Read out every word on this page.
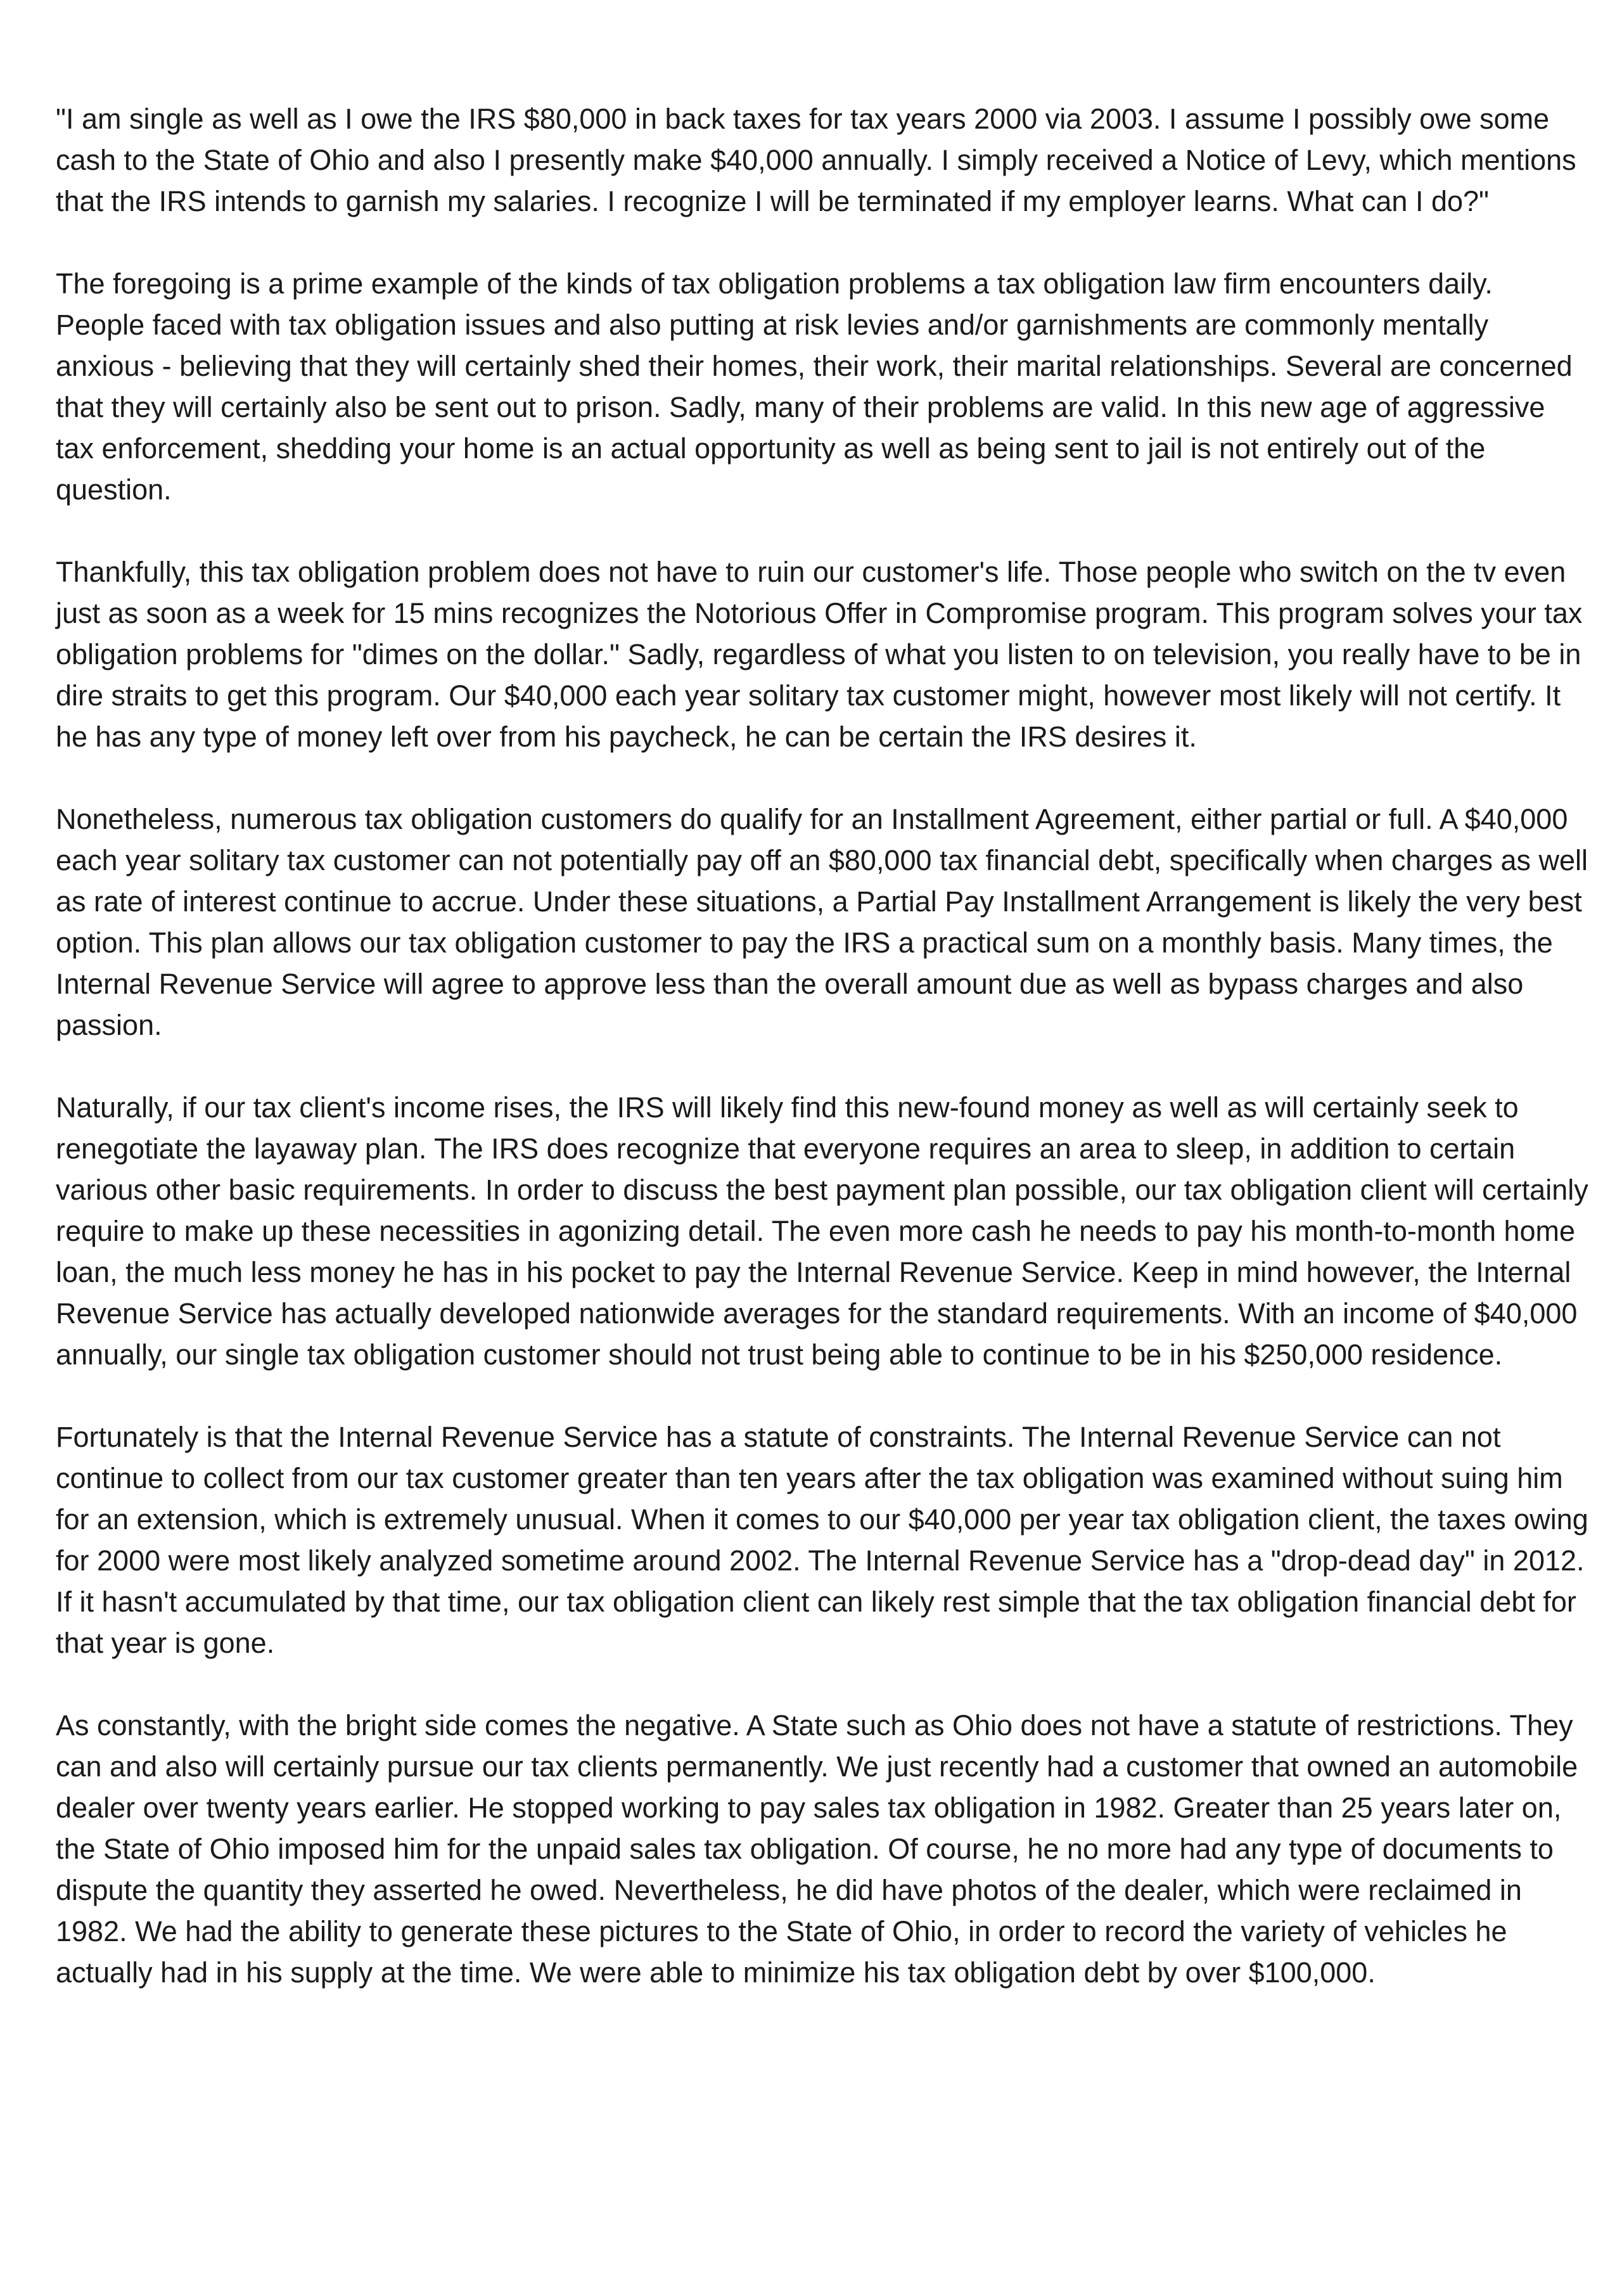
"I am single as well as I owe the IRS $80,000 in back taxes for tax years 2000 via 2003. I assume I possibly owe some cash to the State of Ohio and also I presently make $40,000 annually. I simply received a Notice of Levy, which mentions that the IRS intends to garnish my salaries. I recognize I will be terminated if my employer learns. What can I do?"

The foregoing is a prime example of the kinds of tax obligation problems a tax obligation law firm encounters daily. People faced with tax obligation issues and also putting at risk levies and/or garnishments are commonly mentally anxious - believing that they will certainly shed their homes, their work, their marital relationships. Several are concerned that they will certainly also be sent out to prison. Sadly, many of their problems are valid. In this new age of aggressive tax enforcement, shedding your home is an actual opportunity as well as being sent to jail is not entirely out of the question.

Thankfully, this tax obligation problem does not have to ruin our customer's life. Those people who switch on the tv even just as soon as a week for 15 mins recognizes the Notorious Offer in Compromise program. This program solves your tax obligation problems for "dimes on the dollar." Sadly, regardless of what you listen to on television, you really have to be in dire straits to get this program. Our $40,000 each year solitary tax customer might, however most likely will not certify. It he has any type of money left over from his paycheck, he can be certain the IRS desires it.

Nonetheless, numerous tax obligation customers do qualify for an Installment Agreement, either partial or full. A $40,000 each year solitary tax customer can not potentially pay off an $80,000 tax financial debt, specifically when charges as well as rate of interest continue to accrue. Under these situations, a Partial Pay Installment Arrangement is likely the very best option. This plan allows our tax obligation customer to pay the IRS a practical sum on a monthly basis. Many times, the Internal Revenue Service will agree to approve less than the overall amount due as well as bypass charges and also passion.

Naturally, if our tax client's income rises, the IRS will likely find this new-found money as well as will certainly seek to renegotiate the layaway plan. The IRS does recognize that everyone requires an area to sleep, in addition to certain various other basic requirements. In order to discuss the best payment plan possible, our tax obligation client will certainly require to make up these necessities in agonizing detail. The even more cash he needs to pay his month-to-month home loan, the much less money he has in his pocket to pay the Internal Revenue Service. Keep in mind however, the Internal Revenue Service has actually developed nationwide averages for the standard requirements. With an income of $40,000 annually, our single tax obligation customer should not trust being able to continue to be in his $250,000 residence.

Fortunately is that the Internal Revenue Service has a statute of constraints. The Internal Revenue Service can not continue to collect from our tax customer greater than ten years after the tax obligation was examined without suing him for an extension, which is extremely unusual. When it comes to our $40,000 per year tax obligation client, the taxes owing for 2000 were most likely analyzed sometime around 2002. The Internal Revenue Service has a "drop-dead day" in 2012. If it hasn't accumulated by that time, our tax obligation client can likely rest simple that the tax obligation financial debt for that year is gone.

As constantly, with the bright side comes the negative. A State such as Ohio does not have a statute of restrictions. They can and also will certainly pursue our tax clients permanently. We just recently had a customer that owned an automobile dealer over twenty years earlier. He stopped working to pay sales tax obligation in 1982. Greater than 25 years later on, the State of Ohio imposed him for the unpaid sales tax obligation. Of course, he no more had any type of documents to dispute the quantity they asserted he owed. Nevertheless, he did have photos of the dealer, which were reclaimed in 1982. We had the ability to generate these pictures to the State of Ohio, in order to record the variety of vehicles he actually had in his supply at the time. We were able to minimize his tax obligation debt by over $100,000.
